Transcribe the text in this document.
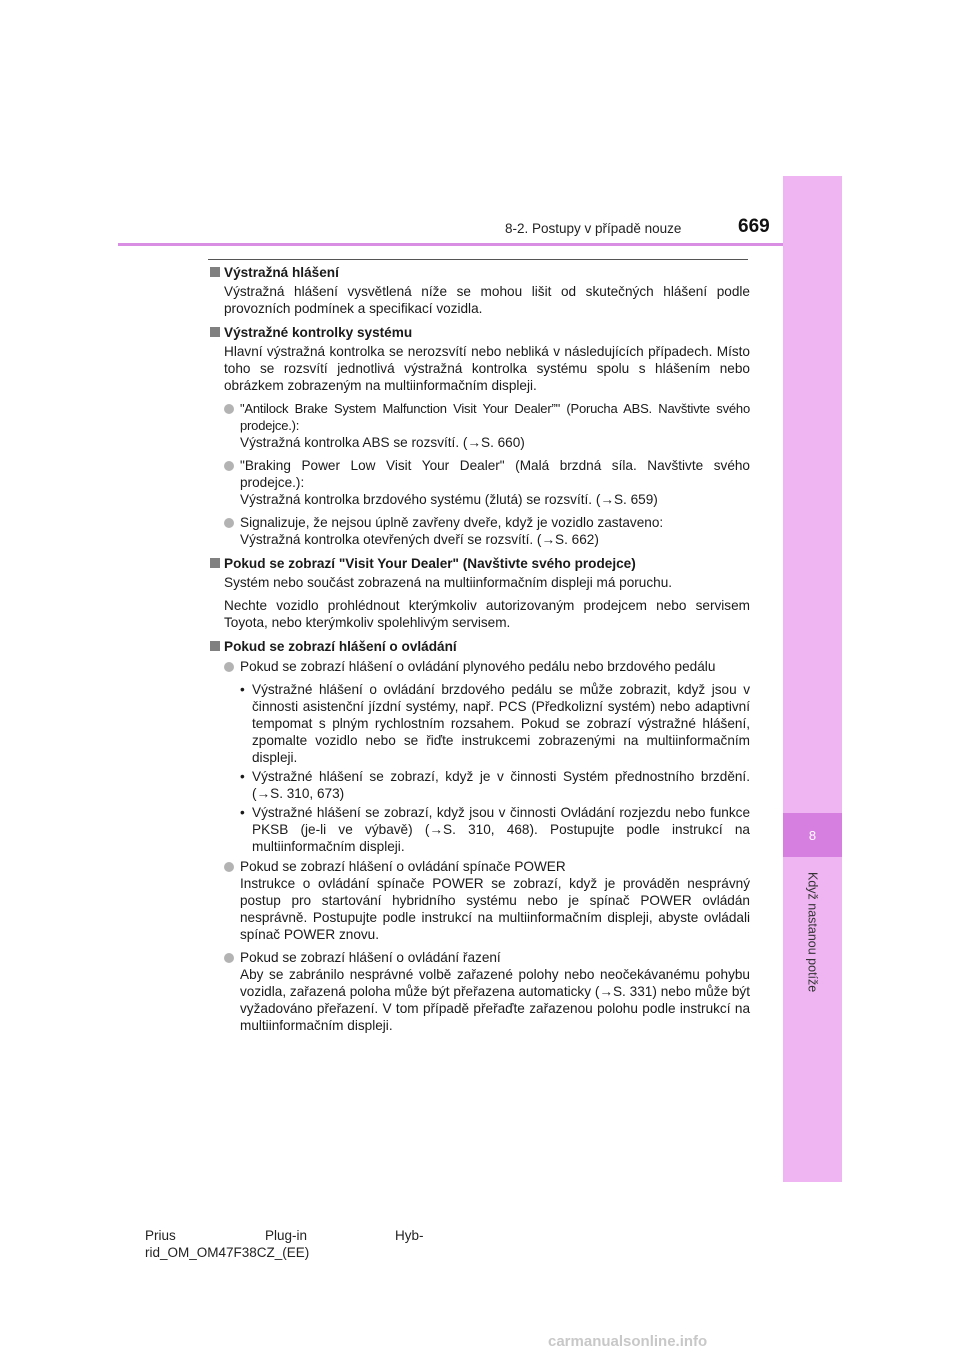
8
Když nastanou potíže
8-2. Postupy v případě nouze	669
Výstražná hlášení
Výstražná hlášení vysvětlená níže se mohou lišit od skutečných hlášení podle provozních podmínek a specifikací vozidla.
Výstražné kontrolky systému
Hlavní výstražná kontrolka se nerozsvítí nebo nebliká v následujících případech. Místo toho se rozsvítí jednotlivá výstražná kontrolka systému spolu s hlášením nebo obrázkem zobrazeným na multiinformačním displeji.
"Antilock Brake System Malfunction Visit Your Dealer”" (Porucha ABS. Navštivte svého prodejce.):
Výstražná kontrolka ABS se rozsvítí. (→S. 660)
"Braking Power Low Visit Your Dealer" (Malá brzdná síla. Navštivte svého prodejce.):
Výstražná kontrolka brzdového systému (žlutá) se rozsvítí. (→S. 659)
Signalizuje, že nejsou úplně zavřeny dveře, když je vozidlo zastaveno:
Výstražná kontrolka otevřených dveří se rozsvítí. (→S. 662)
Pokud se zobrazí "Visit Your Dealer" (Navštivte svého prodejce)
Systém nebo součást zobrazená na multiinformačním displeji má poruchu.
Nechte vozidlo prohlédnout kterýmkoliv autorizovaným prodejcem nebo servisem Toyota, nebo kterýmkoliv spolehlivým servisem.
Pokud se zobrazí hlášení o ovládání
Pokud se zobrazí hlášení o ovládání plynového pedálu nebo brzdového pedálu
• Výstražné hlášení o ovládání brzdového pedálu se může zobrazit, když jsou v činnosti asistenční jízdní systémy, např. PCS (Předkolizní systém) nebo adaptivní tempomat s plným rychlostním rozsahem. Pokud se zobrazí výstražné hlášení, zpomalte vozidlo nebo se řiďte instrukcemi zobrazenými na multiinformačním displeji.
• Výstražné hlášení se zobrazí, když je v činnosti Systém přednostního brzdění. (→S. 310, 673)
• Výstražné hlášení se zobrazí, když jsou v činnosti Ovládání rozjezdu nebo funkce PKSB (je-li ve výbavě) (→S. 310, 468). Postupujte podle instrukcí na multiinformačním displeji.
Pokud se zobrazí hlášení o ovládání spínače POWER
Instrukce o ovládání spínače POWER se zobrazí, když je prováděn nesprávný postup pro startování hybridního systému nebo je spínač POWER ovládán nesprávně. Postupujte podle instrukcí na multiinformačním displeji, abyste ovládali spínač POWER znovu.
Pokud se zobrazí hlášení o ovládání řazení
Aby se zabránilo nesprávné volbě zařazené polohy nebo neočekávanému pohybu vozidla, zařazená poloha může být přeřazena automaticky (→S. 331) nebo může být vyžadováno přeřazení. V tom případě přeřaďte zařazenou polohu podle instrukcí na multiinformačním displeji.
Prius	Plug-in	Hyb-
rid_OM_OM47F38CZ_(EE)
carmanualsonline.info
